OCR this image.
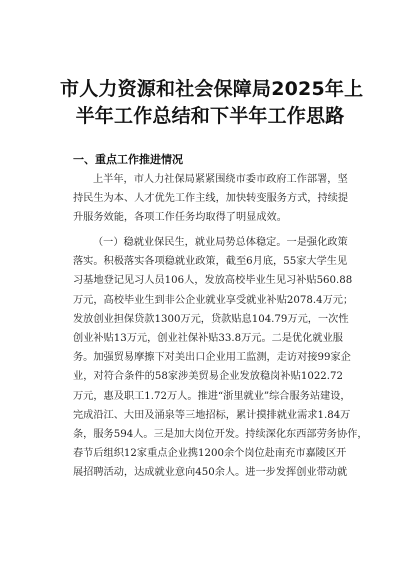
市人力资源和社会保障局2025年上
半年工作总结和下半年工作思路
一、重点工作推进情况
上半年，市人力社保局紧紧围绕市委市政府工作部署，坚
持民生为本、人才优先工作主线，加快转变服务方式，持续提
升服务效能，各项工作任务均取得了明显成效。
（一）稳就业保民生，就业局势总体稳定。一是强化政策
落实。积极落实各项稳就业政策，截至6月底，55家大学生见
习基地登记见习人员106人，发放高校毕业生见习补贴560.88
万元，高校毕业生到非公企业就业享受就业补贴2078.4万元；
发放创业担保贷款1300万元，贷款贴息104.79万元，一次性
创业补贴13万元，创业社保补贴33.8万元。二是优化就业服
务。加强贸易摩擦下对美出口企业用工监测，走访对接99家企
业，对符合条件的58家涉美贸易企业发放稳岗补贴1022.72
万元，惠及职工1.72万人。推进“浙里就业”综合服务站建设，
完成沿江、大田及涌泉等三地招标，累计摸排就业需求1.84万
条，服务594人。三是加大岗位开发。持续深化东西部劳务协作，
春节后组织12家重点企业携1200余个岗位赴南充市嘉陵区开
展招聘活动，达成就业意向450余人。进一步发挥创业带动就
